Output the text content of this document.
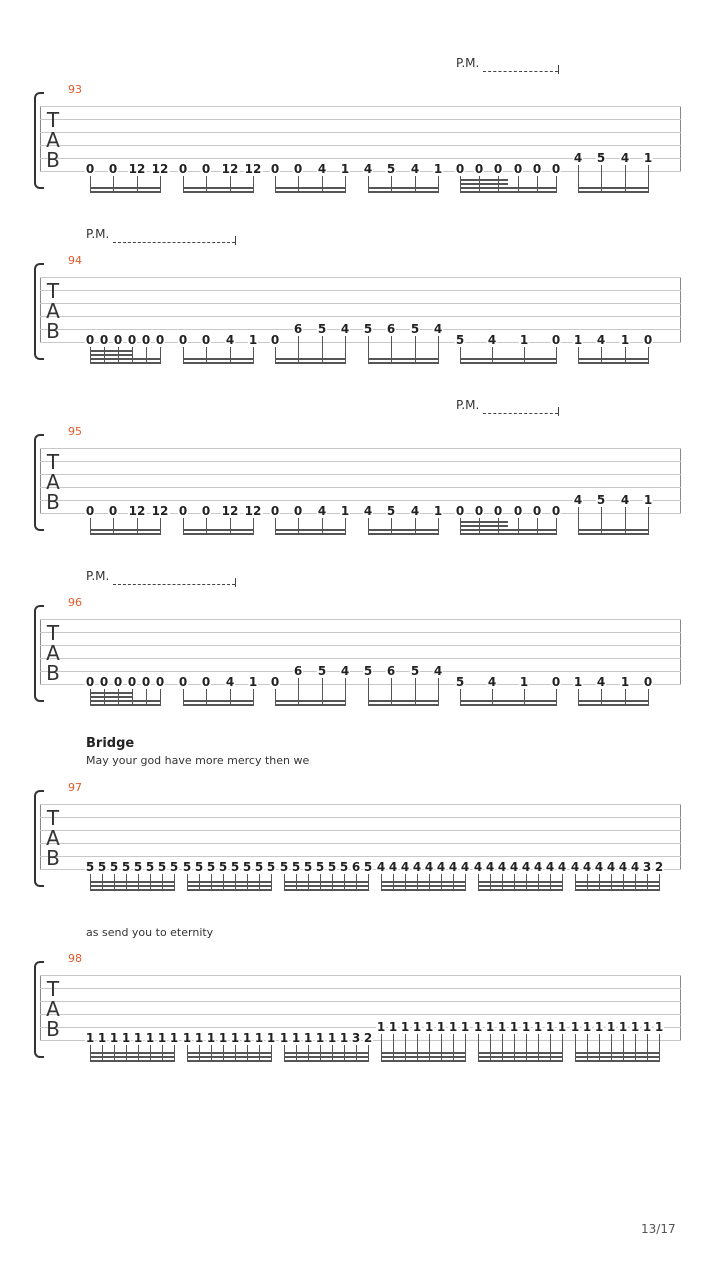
P.M.
93
T
A
B 0 0 12 12 0 0 12 12 0 0 4 1 4 5 4 1 0 0 0 0 0 0
4 5 4 1
P.M.
94
T
A
B 0 0 0 0 0 0 0 0 4 1 0
6 5 4 5 6 5 4
5 4 1 0 1 4 1 0
P.M.
95
T
A
B 0 0 12 12 0 0 12 12 0 0 4 1 4 5 4 1 0 0 0 0 0 0
4 5 4 1
P.M.
96
T
A
B 0 0 0 0 0 0 0 0 4 1 0
6 5 4 5 6 5 4
5 4 1 0 1 4 1 0
Bridge
May your god have more mercy then we
97
T
A
B 5 5 5 5 5 5 5 5 5 5 5 5 5 5 5 5 5 5 5 5 5 5 6 5 4 4 4 4 4 4 4 4 4 4 4 4 4 4 4 4 4 4 4 4 4 4 3 2
as send you to eternity
98
T
A
B 1 1 1 1 1 1 1 1 1 1 1 1 1 1 1 1 1 1 1 1 1 1 3 2
1 1 1 1 1 1 1 1 1 1 1 1 1 1 1 1 1 1 1 1 1 1 1 1
13/17
